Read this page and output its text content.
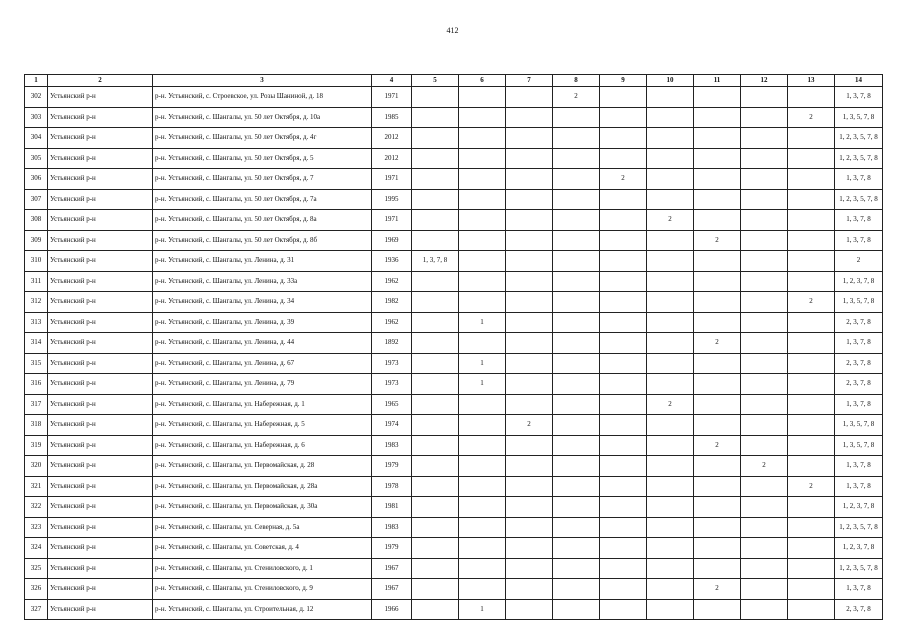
412
1	2	3	4	5	6	7	8	9	10	11	12	13	14
302	Устьянский р-н	р-н. Устьянский, с. Строевское, ул. Розы Шаниной, д. 18	1971				2						1, 3, 7, 8
303	Устьянский р-н	р-н. Устьянский, с. Шангалы, ул. 50 лет Октября, д. 10а	1985									2	1, 3, 5, 7, 8
304	Устьянский р-н	р-н. Устьянский, с. Шангалы, ул. 50 лет Октября, д. 4г	2012										1, 2, 3, 5, 7, 8
305	Устьянский р-н	р-н. Устьянский, с. Шангалы, ул. 50 лет Октября, д. 5	2012										1, 2, 3, 5, 7, 8
306	Устьянский р-н	р-н. Устьянский, с. Шангалы, ул. 50 лет Октября, д. 7	1971					2					1, 3, 7, 8
307	Устьянский р-н	р-н. Устьянский, с. Шангалы, ул. 50 лет Октября, д. 7а	1995										1, 2, 3, 5, 7, 8
308	Устьянский р-н	р-н. Устьянский, с. Шангалы, ул. 50 лет Октября, д. 8а	1971						2				1, 3, 7, 8
309	Устьянский р-н	р-н. Устьянский, с. Шангалы, ул. 50 лет Октября, д. 8б	1969							2			1, 3, 7, 8
310	Устьянский р-н	р-н. Устьянский, с. Шангалы, ул. Ленина, д. 31	1936	1, 3, 7, 8									2
311	Устьянский р-н	р-н. Устьянский, с. Шангалы, ул. Ленина, д. 33а	1962										1, 2, 3, 7, 8
312	Устьянский р-н	р-н. Устьянский, с. Шангалы, ул. Ленина, д. 34	1982									2	1, 3, 5, 7, 8
313	Устьянский р-н	р-н. Устьянский, с. Шангалы, ул. Ленина, д. 39	1962		1								2, 3, 7, 8
314	Устьянский р-н	р-н. Устьянский, с. Шангалы, ул. Ленина, д. 44	1892							2			1, 3, 7, 8
315	Устьянский р-н	р-н. Устьянский, с. Шангалы, ул. Ленина, д. 67	1973		1								2, 3, 7, 8
316	Устьянский р-н	р-н. Устьянский, с. Шангалы, ул. Ленина, д. 79	1973		1								2, 3, 7, 8
317	Устьянский р-н	р-н. Устьянский, с. Шангалы, ул. Набережная, д. 1	1965						2				1, 3, 7, 8
318	Устьянский р-н	р-н. Устьянский, с. Шангалы, ул. Набережная, д. 5	1974			2							1, 3, 5, 7, 8
319	Устьянский р-н	р-н. Устьянский, с. Шангалы, ул. Набережная, д. 6	1983							2			1, 3, 5, 7, 8
320	Устьянский р-н	р-н. Устьянский, с. Шангалы, ул. Первомайская, д. 28	1979								2		1, 3, 7, 8
321	Устьянский р-н	р-н. Устьянский, с. Шангалы, ул. Первомайская, д. 28а	1978									2	1, 3, 7, 8
322	Устьянский р-н	р-н. Устьянский, с. Шангалы, ул. Первомайская, д. 30а	1981										1, 2, 3, 7, 8
323	Устьянский р-н	р-н. Устьянский, с. Шангалы, ул. Северная, д. 5а	1983										1, 2, 3, 5, 7, 8
324	Устьянский р-н	р-н. Устьянский, с. Шангалы, ул. Советская, д. 4	1979										1, 2, 3, 7, 8
325	Устьянский р-н	р-н. Устьянский, с. Шангалы, ул. Стениловского, д. 1	1967										1, 2, 3, 5, 7, 8
326	Устьянский р-н	р-н. Устьянский, с. Шангалы, ул. Стениловского, д. 9	1967							2			1, 3, 7, 8
327	Устьянский р-н	р-н. Устьянский, с. Шангалы, ул. Строительная, д. 12	1966		1								2, 3, 7, 8
